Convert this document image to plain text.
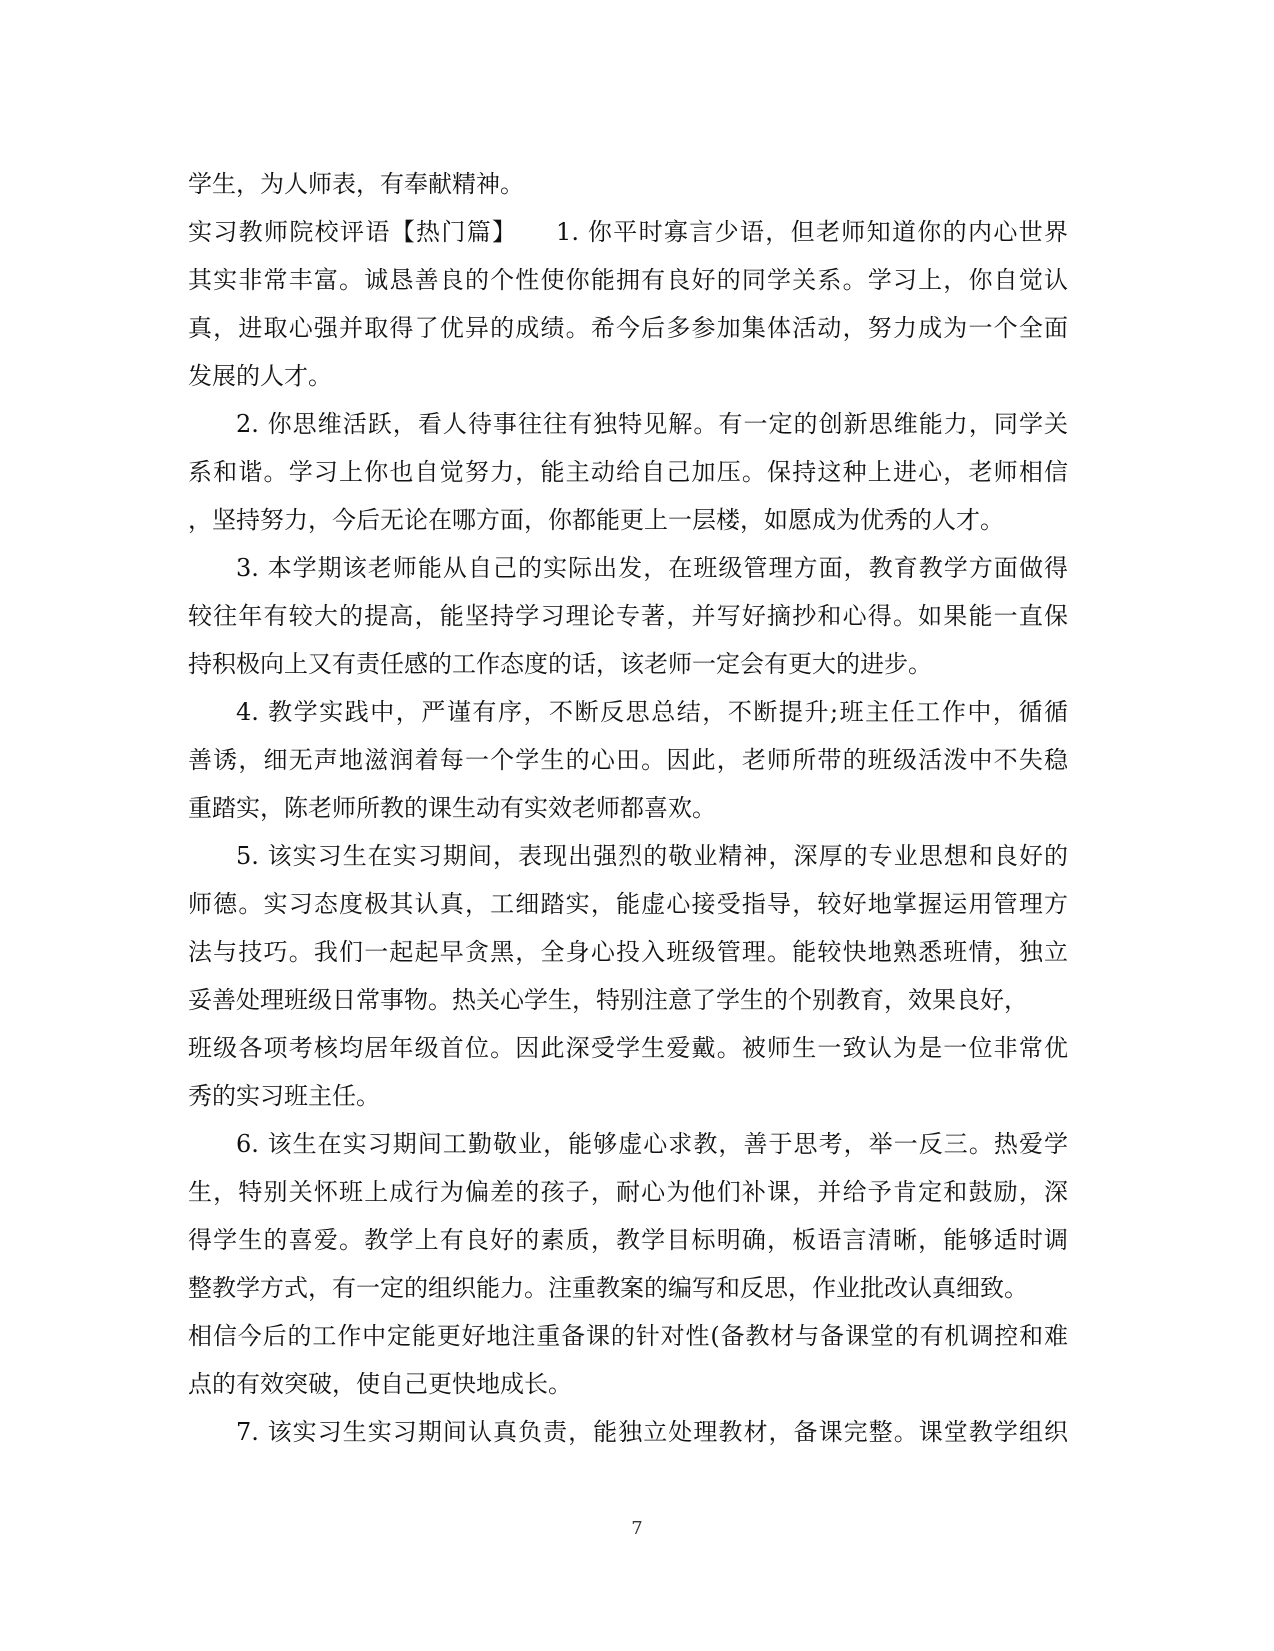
学生，为人师表，有奉献精神。
实习教师院校评语【热门篇】　　1. 你平时寡言少语，但老师知道你的内心世界
其实非常丰富。诚恳善良的个性使你能拥有良好的同学关系。学习上，你自觉认
真，进取心强并取得了优异的成绩。希今后多参加集体活动，努力成为一个全面
发展的人才。
2. 你思维活跃，看人待事往往有独特见解。有一定的创新思维能力，同学关
系和谐。学习上你也自觉努力，能主动给自己加压。保持这种上进心，老师相信
，坚持努力，今后无论在哪方面，你都能更上一层楼，如愿成为优秀的人才。
3. 本学期该老师能从自己的实际出发，在班级管理方面，教育教学方面做得
较往年有较大的提高，能坚持学习理论专著，并写好摘抄和心得。如果能一直保
持积极向上又有责任感的工作态度的话，该老师一定会有更大的进步。
4. 教学实践中，严谨有序，不断反思总结，不断提升;班主任工作中，循循
善诱，细无声地滋润着每一个学生的心田。因此，老师所带的班级活泼中不失稳
重踏实，陈老师所教的课生动有实效老师都喜欢。
5. 该实习生在实习期间，表现出强烈的敬业精神，深厚的专业思想和良好的
师德。实习态度极其认真，工细踏实，能虚心接受指导，较好地掌握运用管理方
法与技巧。我们一起起早贪黑，全身心投入班级管理。能较快地熟悉班情，独立
妥善处理班级日常事物。热关心学生，特别注意了学生的个别教育，效果良好，
班级各项考核均居年级首位。因此深受学生爱戴。被师生一致认为是一位非常优
秀的实习班主任。
6. 该生在实习期间工勤敬业，能够虚心求教，善于思考，举一反三。热爱学
生，特别关怀班上成行为偏差的孩子，耐心为他们补课，并给予肯定和鼓励，深
得学生的喜爱。教学上有良好的素质，教学目标明确，板语言清晰，能够适时调
整教学方式，有一定的组织能力。注重教案的编写和反思，作业批改认真细致。
相信今后的工作中定能更好地注重备课的针对性(备教材与备课堂的有机调控和难
点的有效突破，使自己更快地成长。
7. 该实习生实习期间认真负责，能独立处理教材，备课完整。课堂教学组织
7
